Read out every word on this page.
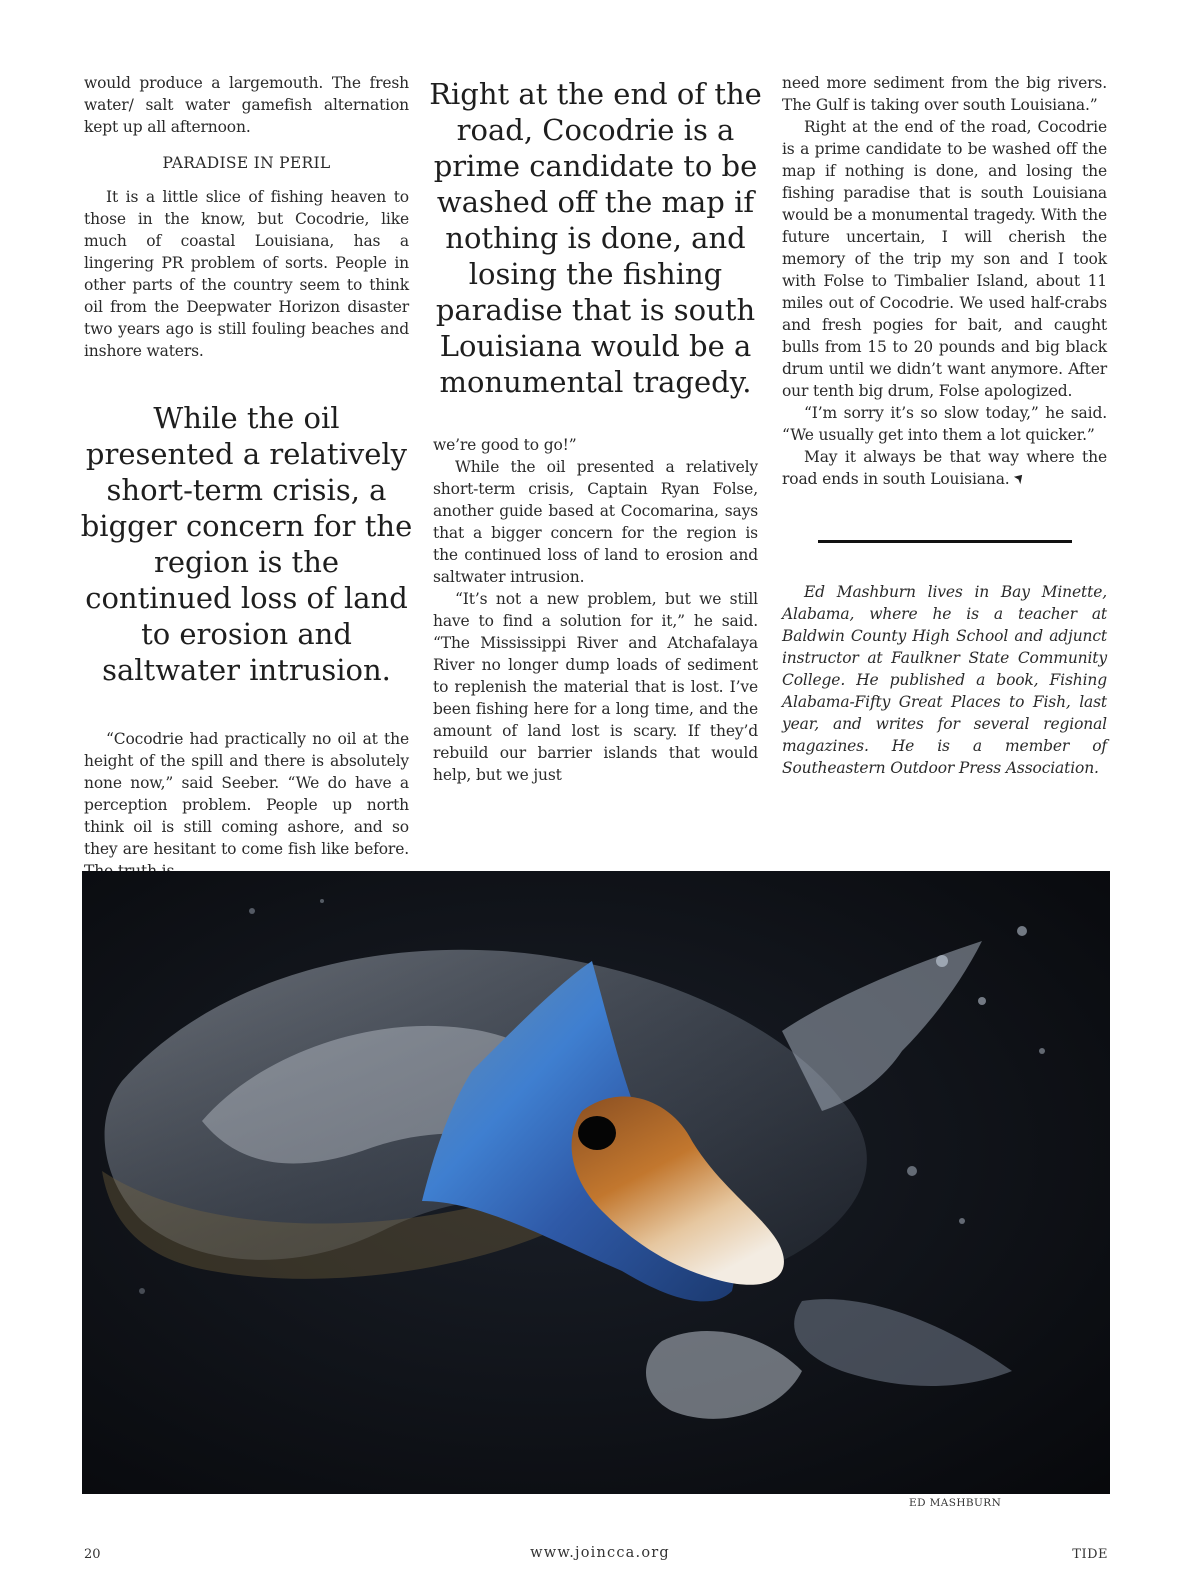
would produce a largemouth. The fresh water/ salt water gamefish alternation kept up all afternoon.

PARADISE IN PERIL

It is a little slice of fishing heaven to those in the know, but Cocodrie, like much of coastal Louisiana, has a lingering PR problem of sorts. People in other parts of the country seem to think oil from the Deepwater Horizon disaster two years ago is still fouling beaches and inshore waters.

While the oil presented a relatively short-term crisis, a bigger concern for the region is the continued loss of land to erosion and saltwater intrusion.

“Cocodrie had practically no oil at the height of the spill and there is absolutely none now,” said Seeber. “We do have a perception problem. People up north think oil is still coming ashore, and so they are hesitant to come fish like before.

Right at the end of the road, Cocodrie is a prime candidate to be washed off the map if nothing is done, and losing the fishing paradise that is south Louisiana would be a monumental tragedy.

we’re good to go!”

While the oil presented a relatively short-term crisis, Captain Ryan Folse, another guide based at Cocomarina, says that a bigger concern for the region is the continued loss of land to erosion and saltwater intrusion.

“It’s not a new problem, but we still have to find a solution for it,” he said. “The Mississippi River and Atchafalaya River no longer dump loads of sediment to replenish the material that is lost. I’ve been fishing here for a long time, and the amount of land lost is scary. If they’d rebuild our barrier islands that would help, but we just

need more sediment from the big rivers. The Gulf is taking over south Louisiana.”

Right at the end of the road, Cocodrie is a prime candidate to be washed off the map if nothing is done, and losing the fishing paradise that is south Louisiana would be a monumental tragedy. With the future uncertain, I will cherish the memory of the trip my son and I took with Folse to Timbalier Island, about 11 miles out of Cocodrie. We used half-crabs and fresh pogies for bait, and caught bulls from 15 to 20 pounds and big black drum until we didn’t want anymore. After our tenth big drum, Folse apologized.

“I’m sorry it’s so slow today,” he said. “We usually get into them a lot quicker.”

May it always be that way where the road ends in south Louisiana.

Ed Mashburn lives in Bay Minette, Alabama, where he is a teacher at Baldwin County High School and adjunct instructor at Faulkner State Community College. He published a book, Fishing Alabama-Fifty Great Places to Fish, last year, and writes for several regional magazines. He is a member of Southeastern Outdoor Press Association.

ED MASHBURN
20	www.joincca.org	TIDE
